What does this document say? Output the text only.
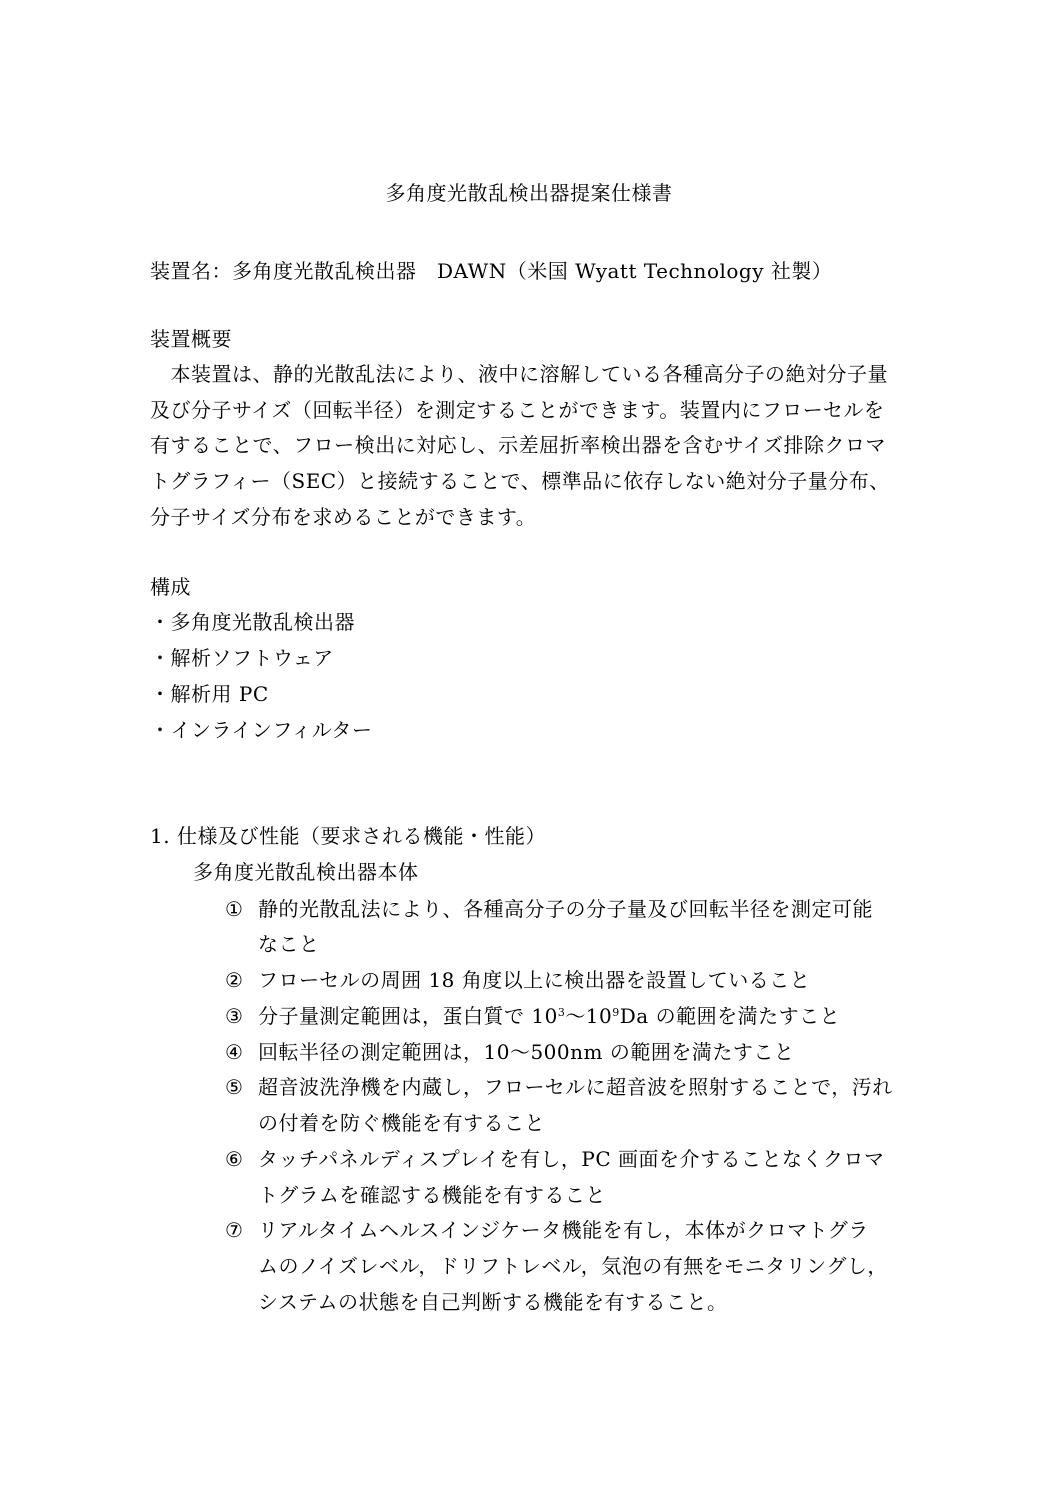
多角度光散乱検出器提案仕様書

装置名：多角度光散乱検出器　DAWN（米国 Wyatt Technology 社製）

装置概要

　本装置は、静的光散乱法により、液中に溶解している各種高分子の絶対分子量

及び分子サイズ（回転半径）を測定することができます。装置内にフローセルを

有することで、フロー検出に対応し、示差屈折率検出器を含むサイズ排除クロマ

トグラフィー（SEC）と接続することで、標準品に依存しない絶対分子量分布、

分子サイズ分布を求めることができます。

構成

・多角度光散乱検出器

・解析ソフトウェア

・解析用 PC

・インラインフィルター

1. 仕様及び性能（要求される機能・性能）

多角度光散乱検出器本体

① 静的光散乱法により、各種高分子の分子量及び回転半径を測定可能

なこと

② フローセルの周囲 18 角度以上に検出器を設置していること

③ 分子量測定範囲は，蛋白質で $10^3$〜$10^9Da$ の範囲を満たすこと

④ 回転半径の測定範囲は，10〜500nm の範囲を満たすこと

⑤ 超音波洗浄機を内蔵し，フローセルに超音波を照射することで，汚れ

の付着を防ぐ機能を有すること

⑥ タッチパネルディスプレイを有し，PC 画面を介することなくクロマ

トグラムを確認する機能を有すること

⑦ リアルタイムヘルスインジケータ機能を有し，本体がクロマトグラ

ムのノイズレベル，ドリフトレベル，気泡の有無をモニタリングし，

システムの状態を自己判断する機能を有すること。
